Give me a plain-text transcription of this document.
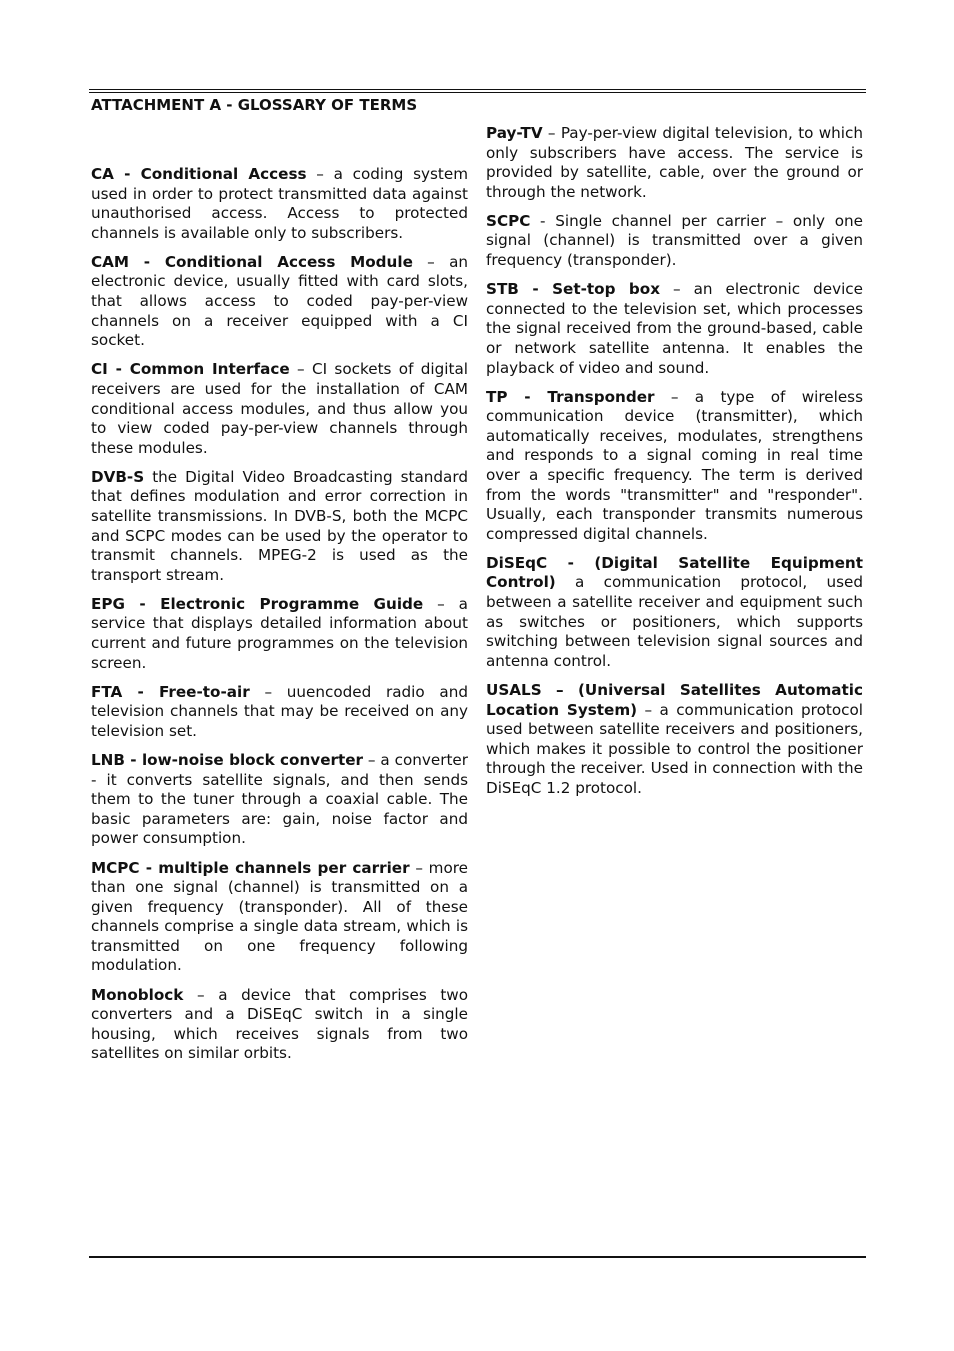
ATTACHMENT A - GLOSSARY OF TERMS

CA - Conditional Access – a coding system used in order to protect transmitted data against unauthorised access. Access to protected channels is available only to subscribers.

CAM - Conditional Access Module – an electronic device, usually fitted with card slots, that allows access to coded pay-per-view channels on a receiver equipped with a CI socket.

CI - Common Interface – CI sockets of digital receivers are used for the installation of CAM conditional access modules, and thus allow you to view coded pay-per-view channels through these modules.

DVB-S the Digital Video Broadcasting standard that defines modulation and error correction in satellite transmissions. In DVB-S, both the MCPC and SCPC modes can be used by the operator to transmit channels. MPEG-2 is used as the transport stream.

EPG - Electronic Programme Guide – a service that displays detailed information about current and future programmes on the television screen.

FTA - Free-to-air – uuencoded radio and television channels that may be received on any television set.

LNB - low-noise block converter – a converter - it converts satellite signals, and then sends them to the tuner through a coaxial cable. The basic parameters are: gain, noise factor and power consumption.

MCPC - multiple channels per carrier – more than one signal (channel) is transmitted on a given frequency (transponder). All of these channels comprise a single data stream, which is transmitted on one frequency following modulation.

Monoblock – a device that comprises two converters and a DiSEqC switch in a single housing, which receives signals from two satellites on similar orbits.

Pay-TV – Pay-per-view digital television, to which only subscribers have access. The service is provided by satellite, cable, over the ground or through the network.

SCPC - Single channel per carrier – only one signal (channel) is transmitted over a given frequency (transponder).

STB - Set-top box – an electronic device connected to the television set, which processes the signal received from the ground-based, cable or network satellite antenna. It enables the playback of video and sound.

TP - Transponder – a type of wireless communication device (transmitter), which automatically receives, modulates, strengthens and responds to a signal coming in real time over a specific frequency. The term is derived from the words "transmitter" and "responder". Usually, each transponder transmits numerous compressed digital channels.

DiSEqC - (Digital Satellite Equipment Control) a communication protocol, used between a satellite receiver and equipment such as switches or positioners, which supports switching between television signal sources and antenna control.

USALS – (Universal Satellites Automatic Location System) – a communication protocol used between satellite receivers and positioners, which makes it possible to control the positioner through the receiver. Used in connection with the DiSEqC 1.2 protocol.
